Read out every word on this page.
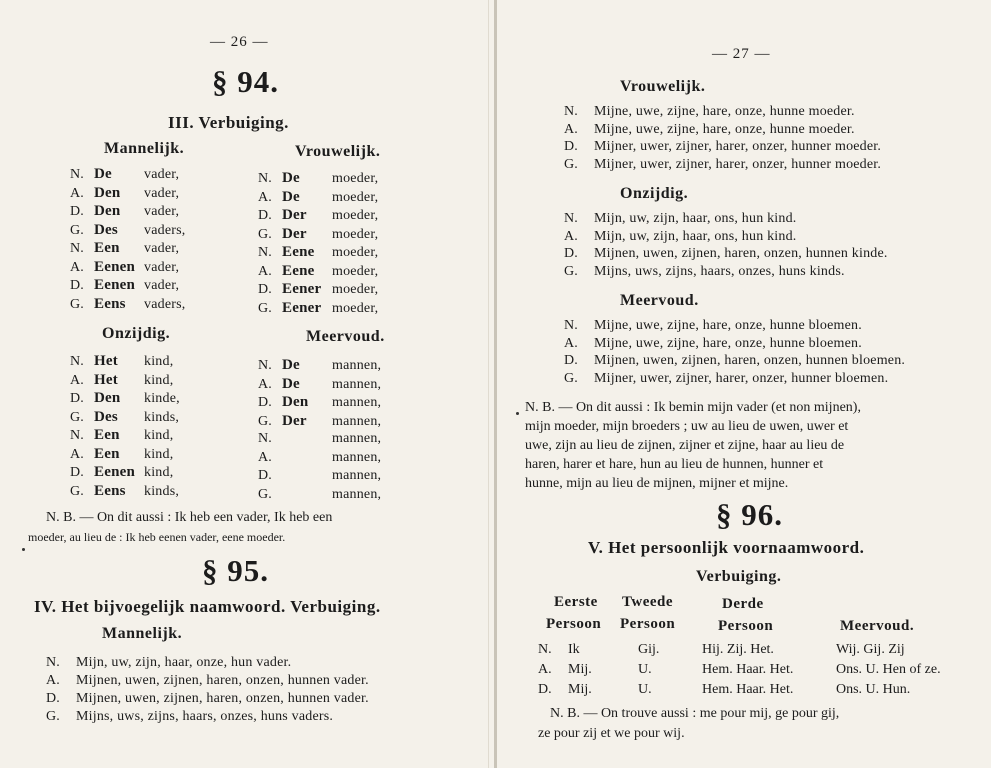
— 26 —
§ 94.
III. Verbuiging.
Mannelijk.	Vrouwelijk.
N. De vader,
A. Den vader,
D. Den vader,
G. Des vaders,
N. Een vader,
A. Eenen vader,
D. Eenen vader,
G. Eens vaders,
N. De moeder,
A. De moeder,
D. Der moeder,
G. Der moeder,
N. Eene moeder,
A. Eene moeder,
D. Eener moeder,
G. Eener moeder,
Onzijdig.	Meervoud.
N. Het kind,
A. Het kind,
D. Den kinde,
G. Des kinds,
N. Een kind,
A. Een kind,
D. Eenen kind,
G. Eens kinds,
N. De mannen,
A. De mannen,
D. Den mannen,
G. Der mannen,
N.	mannen,
A.	mannen,
D.	mannen,
G.	mannen,
N. B. — On dit aussi : Ik heb een vader, Ik heb een
moeder, au lieu de : Ik heb eenen vader, eene moeder.
§ 95.
IV. Het bijvoegelijk naamwoord. Verbuiging.
Mannelijk.
N. Mijn, uw, zijn, haar, onze, hun vader.
A. Mijnen, uwen, zijnen, haren, onzen, hunnen vader.
D. Mijnen, uwen, zijnen, haren, onzen, hunnen vader.
G. Mijns, uws, zijns, haars, onzes, huns vaders.
— 27 —
Vrouwelijk.
N. Mijne, uwe, zijne, hare, onze, hunne moeder.
A. Mijne, uwe, zijne, hare, onze, hunne moeder.
D. Mijner, uwer, zijner, harer, onzer, hunner moeder.
G. Mijner, uwer, zijner, harer, onzer, hunner moeder.
Onzijdig.
N. Mijn, uw, zijn, haar, ons, hun kind.
A. Mijn, uw, zijn, haar, ons, hun kind.
D. Mijnen, uwen, zijnen, haren, onzen, hunnen kinde.
G. Mijns, uws, zijns, haars, onzes, huns kinds.
Meervoud.
N. Mijne, uwe, zijne, hare, onze, hunne bloemen.
A. Mijne, uwe, zijne, hare, onze, hunne bloemen.
D. Mijnen, uwen, zijnen, haren, onzen, hunnen bloemen.
G. Mijner, uwer, zijner, harer, onzer, hunner bloemen.
N. B. — On dit aussi : Ik bemin mijn vader (et non mijnen),
mijn moeder, mijn broeders ; uw au lieu de uwen, uwer et
uwe, zijn au lieu de zijnen, zijner et zijne, haar au lieu de
haren, harer et hare, hun au lieu de hunnen, hunner et
hunne, mijn au lieu de mijnen, mijner et mijne.
§ 96.
V. Het persoonlijk voornaamwoord.
Verbuiging.
Eerste
Persoon
Tweede
Persoon
Derde
Persoon	Meervoud.
N.	Ik	Gij.	Hij. Zij. Het.	Wij. Gij. Zij
A.	Mij.	U.	Hem. Haar. Het.	Ons. U. Hen of ze.
D.	Mij.	U.	Hem. Haar. Het.	Ons. U. Hun.
N. B. — On trouve aussi : me pour mij, ge pour gij,
ze pour zij et we pour wij.
